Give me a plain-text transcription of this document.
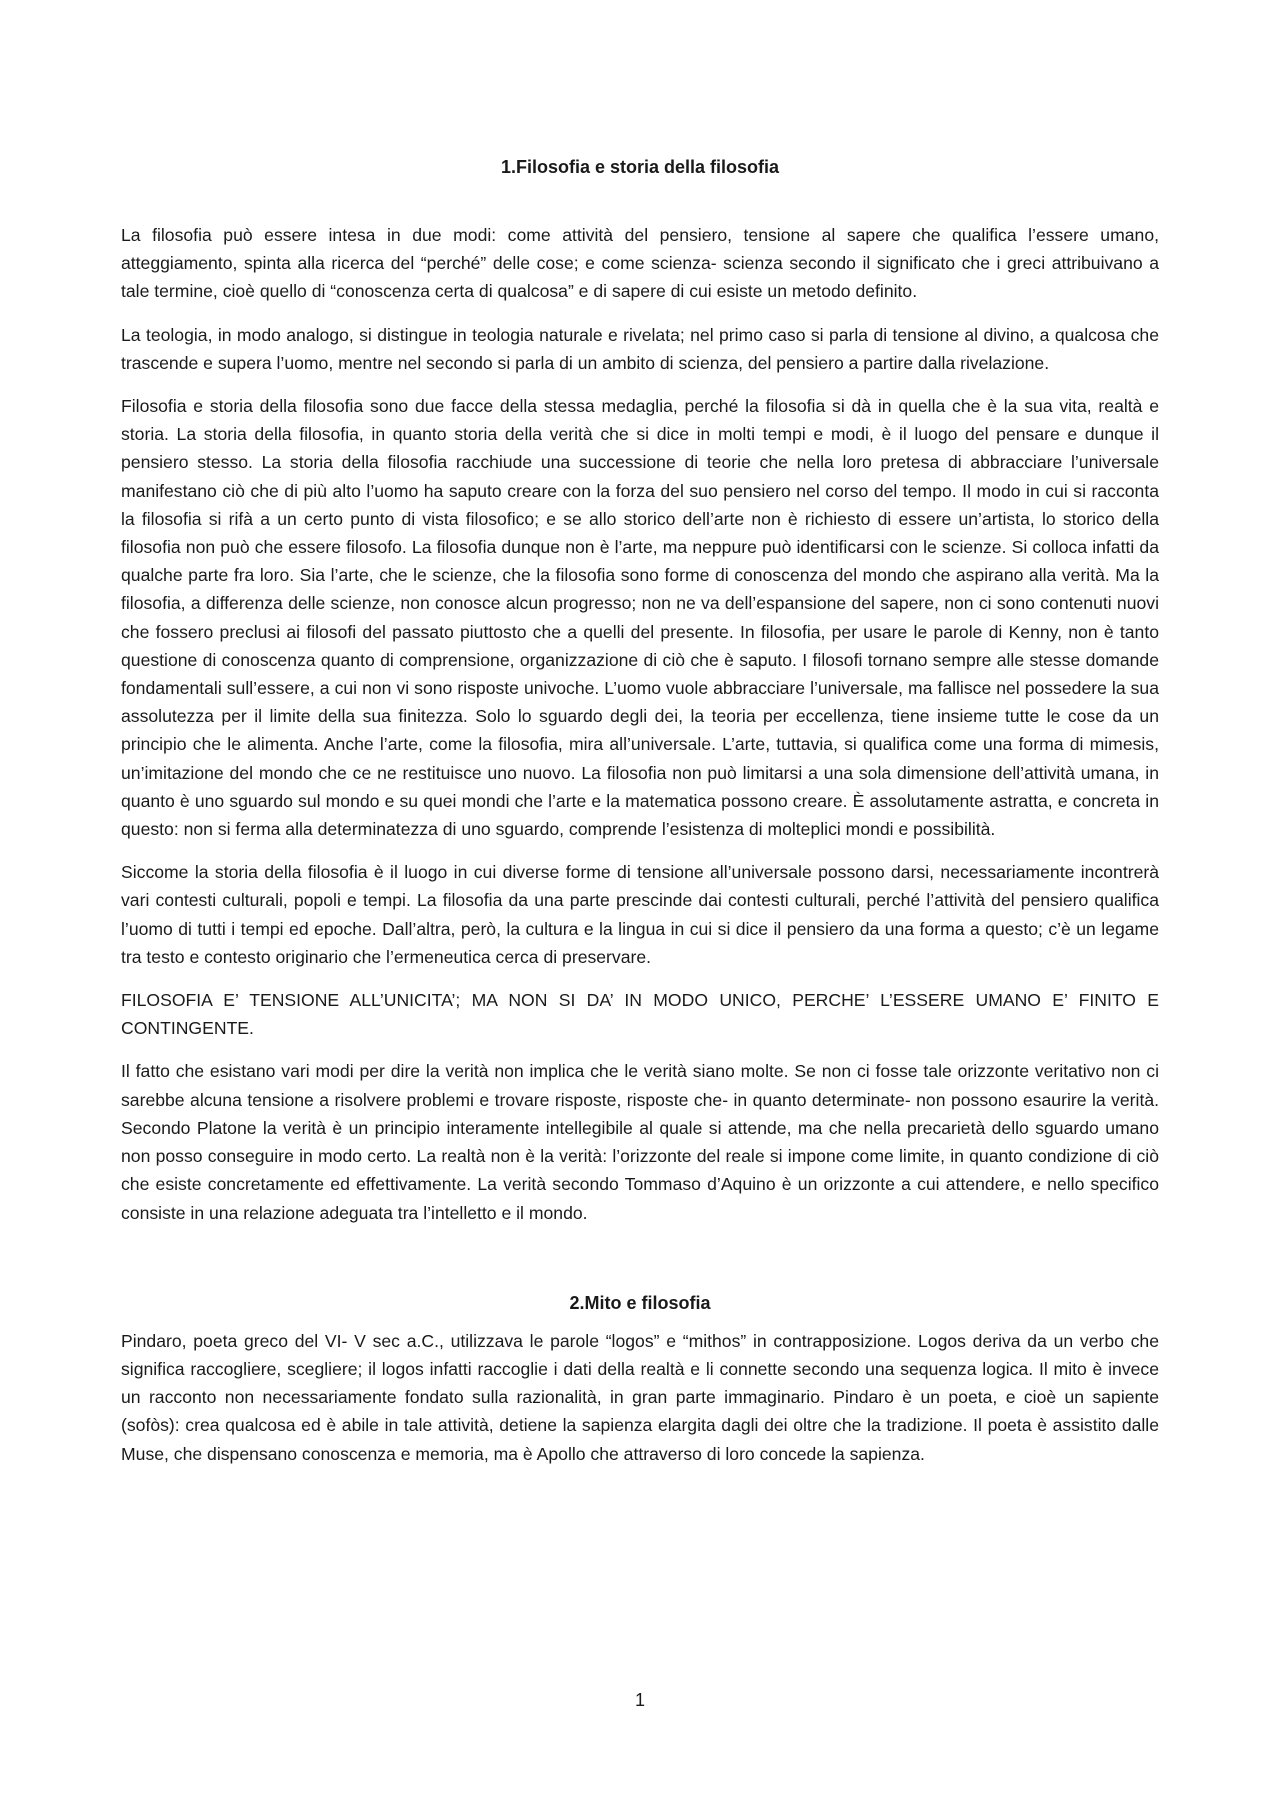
1.Filosofia e storia della filosofia

La filosofia può essere intesa in due modi: come attività del pensiero, tensione al sapere che qualifica l’essere umano, atteggiamento, spinta alla ricerca del “perché” delle cose; e come scienza- scienza secondo il significato che i greci attribuivano a tale termine, cioè quello di “conoscenza certa di qualcosa” e di sapere di cui esiste un metodo definito.

La teologia, in modo analogo, si distingue in teologia naturale e rivelata; nel primo caso si parla di tensione al divino, a qualcosa che trascende e supera l’uomo, mentre nel secondo si parla di un ambito di scienza, del pensiero a partire dalla rivelazione.

Filosofia e storia della filosofia sono due facce della stessa medaglia, perché la filosofia si dà in quella che è la sua vita, realtà e storia. La storia della filosofia, in quanto storia della verità che si dice in molti tempi e modi, è il luogo del pensare e dunque il pensiero stesso. La storia della filosofia racchiude una successione di teorie che nella loro pretesa di abbracciare l’universale manifestano ciò che di più alto l’uomo ha saputo creare con la forza del suo pensiero nel corso del tempo. Il modo in cui si racconta la filosofia si rifà a un certo punto di vista filosofico; e se allo storico dell’arte non è richiesto di essere un’artista, lo storico della filosofia non può che essere filosofo. La filosofia dunque non è l’arte, ma neppure può identificarsi con le scienze. Si colloca infatti da qualche parte fra loro. Sia l’arte, che le scienze, che la filosofia sono forme di conoscenza del mondo che aspirano alla verità. Ma la filosofia, a differenza delle scienze, non conosce alcun progresso; non ne va dell’espansione del sapere, non ci sono contenuti nuovi che fossero preclusi ai filosofi del passato piuttosto che a quelli del presente. In filosofia, per usare le parole di Kenny, non è tanto questione di conoscenza quanto di comprensione, organizzazione di ciò che è saputo. I filosofi tornano sempre alle stesse domande fondamentali sull’essere, a cui non vi sono risposte univoche. L’uomo vuole abbracciare l’universale, ma fallisce nel possedere la sua assolutezza per il limite della sua finitezza. Solo lo sguardo degli dei, la teoria per eccellenza, tiene insieme tutte le cose da un principio che le alimenta. Anche l’arte, come la filosofia, mira all’universale. L’arte, tuttavia, si qualifica come una forma di mimesis, un’imitazione del mondo che ce ne restituisce uno nuovo. La filosofia non può limitarsi a una sola dimensione dell’attività umana, in quanto è uno sguardo sul mondo e su quei mondi che l’arte e la matematica possono creare. È assolutamente astratta, e concreta in questo: non si ferma alla determinatezza di uno sguardo, comprende l’esistenza di molteplici mondi e possibilità.

Siccome la storia della filosofia è il luogo in cui diverse forme di tensione all’universale possono darsi, necessariamente incontrerà vari contesti culturali, popoli e tempi. La filosofia da una parte prescinde dai contesti culturali, perché l’attività del pensiero qualifica l’uomo di tutti i tempi ed epoche. Dall’altra, però, la cultura e la lingua in cui si dice il pensiero da una forma a questo; c’è un legame tra testo e contesto originario che l’ermeneutica cerca di preservare.

FILOSOFIA E’ TENSIONE ALL’UNICITA’; MA NON SI DA’ IN MODO UNICO, PERCHE’ L’ESSERE UMANO E’ FINITO E CONTINGENTE.

Il fatto che esistano vari modi per dire la verità non implica che le verità siano molte. Se non ci fosse tale orizzonte veritativo non ci sarebbe alcuna tensione a risolvere problemi e trovare risposte, risposte che- in quanto determinate- non possono esaurire la verità. Secondo Platone la verità è un principio interamente intellegibile al quale si attende, ma che nella precarietà dello sguardo umano non posso conseguire in modo certo. La realtà non è la verità: l’orizzonte del reale si impone come limite, in quanto condizione di ciò che esiste concretamente ed effettivamente. La verità secondo Tommaso d’Aquino è un orizzonte a cui attendere, e nello specifico consiste in una relazione adeguata tra l’intelletto e il mondo.

2.Mito e filosofia

Pindaro, poeta greco del VI- V sec a.C., utilizzava le parole “logos” e “mithos” in contrapposizione. Logos deriva da un verbo che significa raccogliere, scegliere; il logos infatti raccoglie i dati della realtà e li connette secondo una sequenza logica. Il mito è invece un racconto non necessariamente fondato sulla razionalità, in gran parte immaginario. Pindaro è un poeta, e cioè un sapiente (sofòs): crea qualcosa ed è abile in tale attività, detiene la sapienza elargita dagli dei oltre che la tradizione. Il poeta è assistito dalle Muse, che dispensano conoscenza e memoria, ma è Apollo che attraverso di loro concede la sapienza.

1
